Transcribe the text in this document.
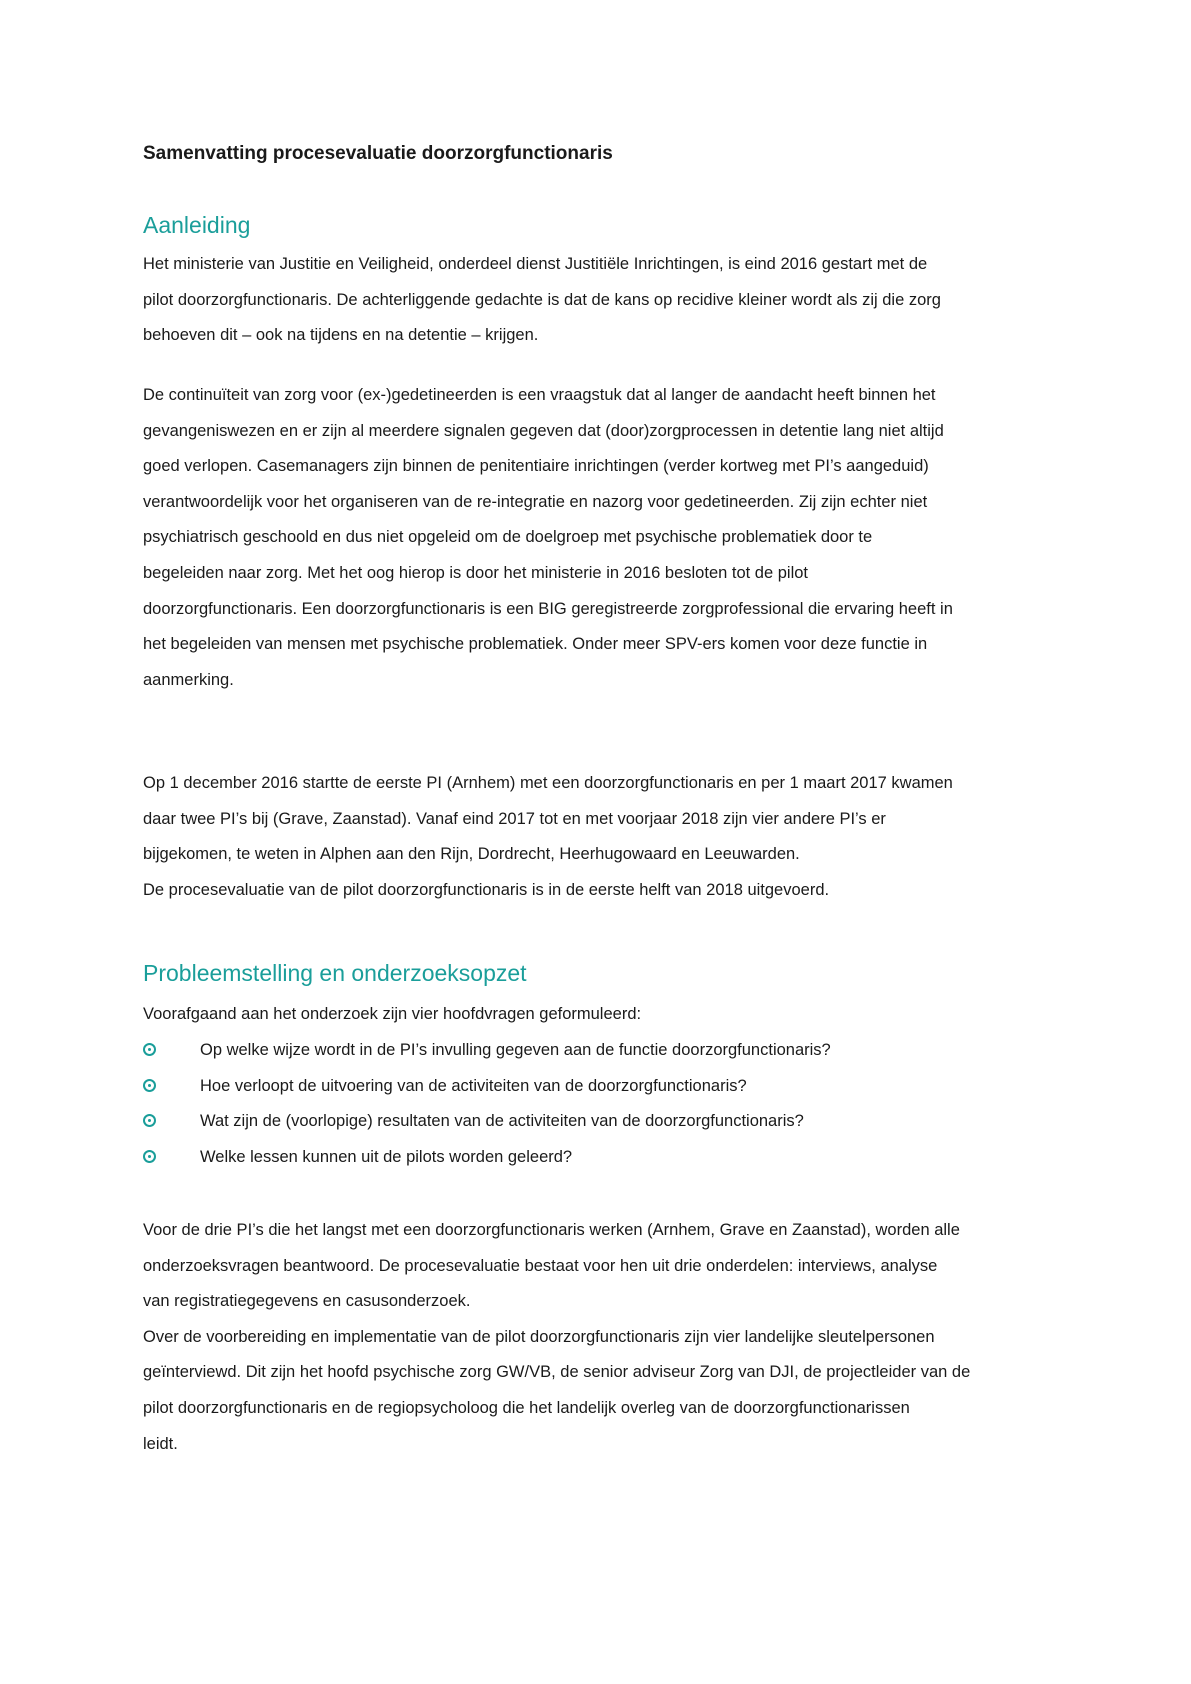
Samenvatting procesevaluatie doorzorgfunctionaris
Aanleiding

Het ministerie van Justitie en Veiligheid, onderdeel dienst Justitiële Inrichtingen, is eind 2016 gestart met de
pilot doorzorgfunctionaris. De achterliggende gedachte is dat de kans op recidive kleiner wordt als zij die zorg
behoeven dit – ook na tijdens en na detentie – krijgen.

De continuïteit van zorg voor (ex-)gedetineerden is een vraagstuk dat al langer de aandacht heeft binnen het
gevangeniswezen en er zijn al meerdere signalen gegeven dat (door)zorgprocessen in detentie lang niet altijd
goed verlopen. Casemanagers zijn binnen de penitentiaire inrichtingen (verder kortweg met PI’s aangeduid)
verantwoordelijk voor het organiseren van de re-integratie en nazorg voor gedetineerden. Zij zijn echter niet
psychiatrisch geschoold en dus niet opgeleid om de doelgroep met psychische problematiek door te
begeleiden naar zorg. Met het oog hierop is door het ministerie in 2016 besloten tot de pilot
doorzorgfunctionaris. Een doorzorgfunctionaris is een BIG geregistreerde zorgprofessional die ervaring heeft in
het begeleiden van mensen met psychische problematiek. Onder meer SPV-ers komen voor deze functie in
aanmerking.

Op 1 december 2016 startte de eerste PI (Arnhem) met een doorzorgfunctionaris en per 1 maart 2017 kwamen
daar twee PI’s bij (Grave, Zaanstad). Vanaf eind 2017 tot en met voorjaar 2018 zijn vier andere PI’s er
bijgekomen, te weten in Alphen aan den Rijn, Dordrecht, Heerhugowaard en Leeuwarden.
De procesevaluatie van de pilot doorzorgfunctionaris is in de eerste helft van 2018 uitgevoerd.

Probleemstelling en onderzoeksopzet

Voorafgaand aan het onderzoek zijn vier hoofdvragen geformuleerd:

Op welke wijze wordt in de PI’s invulling gegeven aan de functie doorzorgfunctionaris?
Hoe verloopt de uitvoering van de activiteiten van de doorzorgfunctionaris?
Wat zijn de (voorlopige) resultaten van de activiteiten van de doorzorgfunctionaris?
Welke lessen kunnen uit de pilots worden geleerd?

Voor de drie PI’s die het langst met een doorzorgfunctionaris werken (Arnhem, Grave en Zaanstad), worden alle
onderzoeksvragen beantwoord. De procesevaluatie bestaat voor hen uit drie onderdelen: interviews, analyse
van registratiegegevens en casusonderzoek.
Over de voorbereiding en implementatie van de pilot doorzorgfunctionaris zijn vier landelijke sleutelpersonen
geïnterviewd. Dit zijn het hoofd psychische zorg GW/VB, de senior adviseur Zorg van DJI, de projectleider van de
pilot doorzorgfunctionaris en de regiopsycholoog die het landelijk overleg van de doorzorgfunctionarissen
leidt.
